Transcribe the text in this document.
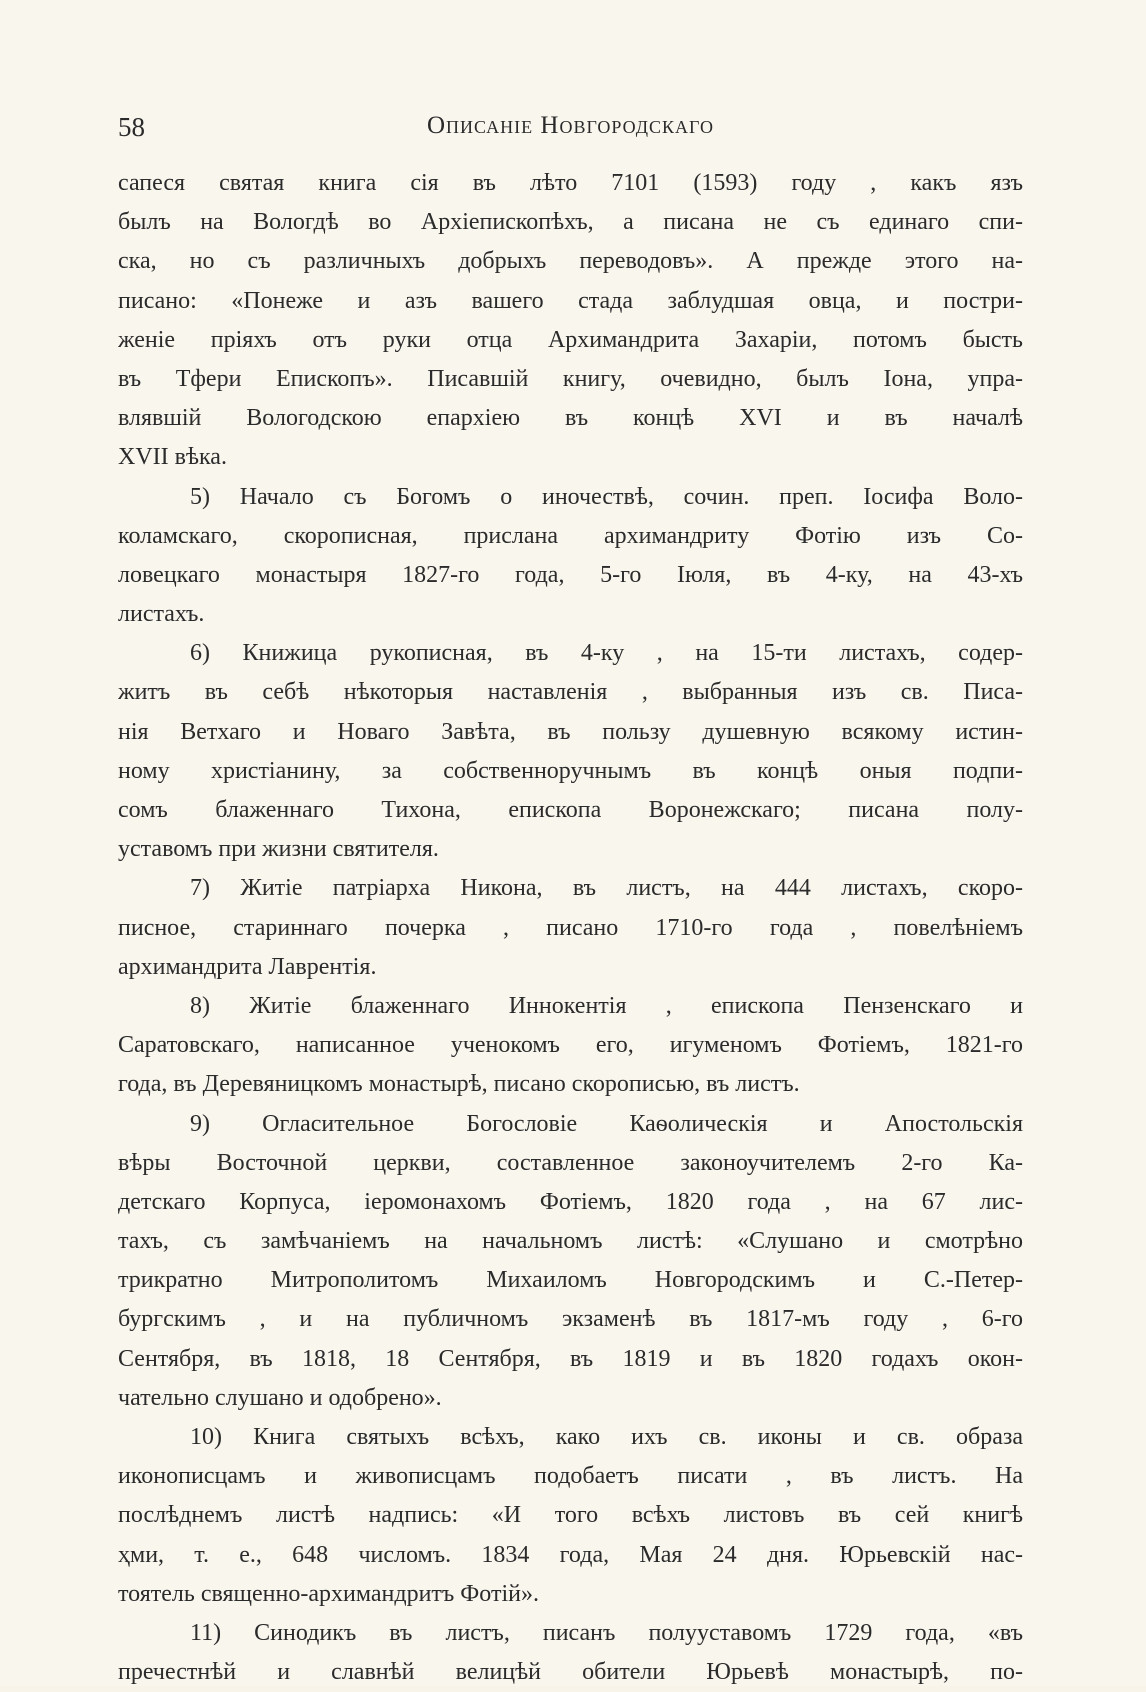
58	Описаніе Новгородскаго
сапеся святая книга сія въ лѣто 7101 (1593) году , какъ язъ
былъ на Вологдѣ во Архіепископѣхъ, а писана не съ единаго спи-
ска, но съ различныхъ добрыхъ переводовъ». А прежде этого на-
писано: «Понеже и азъ вашего стада заблудшая овца, и постри-
женіе пріяхъ отъ руки отца Архимандрита Захаріи, потомъ бысть
въ Тфери Епископъ». Писавшій книгу, очевидно, былъ Іона, упра-
влявшій Вологодскою епархіею въ концѣ XVI и въ началѣ
XVII вѣка.
5) Начало съ Богомъ о иночествѣ, сочин. преп. Іосифа Воло-
коламскаго, скорописная, прислана архимандриту Фотію изъ Со-
ловецкаго монастыря 1827-го года, 5-го Іюля, въ 4-ку, на 43-хъ
листахъ.
6) Книжица рукописная, въ 4-ку , на 15-ти листахъ, содер-
житъ въ себѣ нѣкоторыя наставленія , выбранныя изъ св. Писа-
нія Ветхаго и Новаго Завѣта, въ пользу душевную всякому истин-
ному христіанину, за собственноручнымъ въ концѣ оныя подпи-
сомъ блаженнаго Тихона, епископа Воронежскаго; писана полу-
уставомъ при жизни святителя.
7) Житіе патріарха Никона, въ листъ, на 444 листахъ, скоро-
писное, стариннаго почерка , писано 1710-го года , повелѣніемъ
архимандрита Лаврентія.
8) Житіе блаженнаго Иннокентія , епископа Пензенскаго и
Саратовскаго, написанное ученокомъ его, игуменомъ Фотіемъ, 1821-го
года, въ Деревяницкомъ монастырѣ, писано скорописью, въ листъ.
9) Огласительное Богословіе Каѳолическія и Апостольскія
вѣры Восточной церкви, составленное законоучителемъ 2-го Ка-
детскаго Корпуса, іеромонахомъ Фотіемъ, 1820 года , на 67 лис-
тахъ, съ замѣчаніемъ на начальномъ листѣ: «Слушано и смотрѣно
трикратно Митрополитомъ Михаиломъ Новгородскимъ и С.-Петер-
бургскимъ , и на публичномъ экзаменѣ въ 1817-мъ году , 6-го
Сентября, въ 1818, 18 Сентября, въ 1819 и въ 1820 годахъ окон-
чательно слушано и одобрено».
10) Книга святыхъ всѣхъ, како ихъ св. иконы и св. образа
иконописцамъ и живописцамъ подобаетъ писати , въ листъ. На
послѣднемъ листѣ надпись: «И того всѣхъ листовъ въ сей книгѣ
ҳми, т. е., 648 числомъ. 1834 года, Мая 24 дня. Юрьевскій нас-
тоятель священно-архимандритъ Фотій».
11) Синодикъ въ листъ, писанъ полууставомъ 1729 года, «въ
пречестнѣй и славнѣй велицѣй обители Юрьевѣ монастырѣ, по-
